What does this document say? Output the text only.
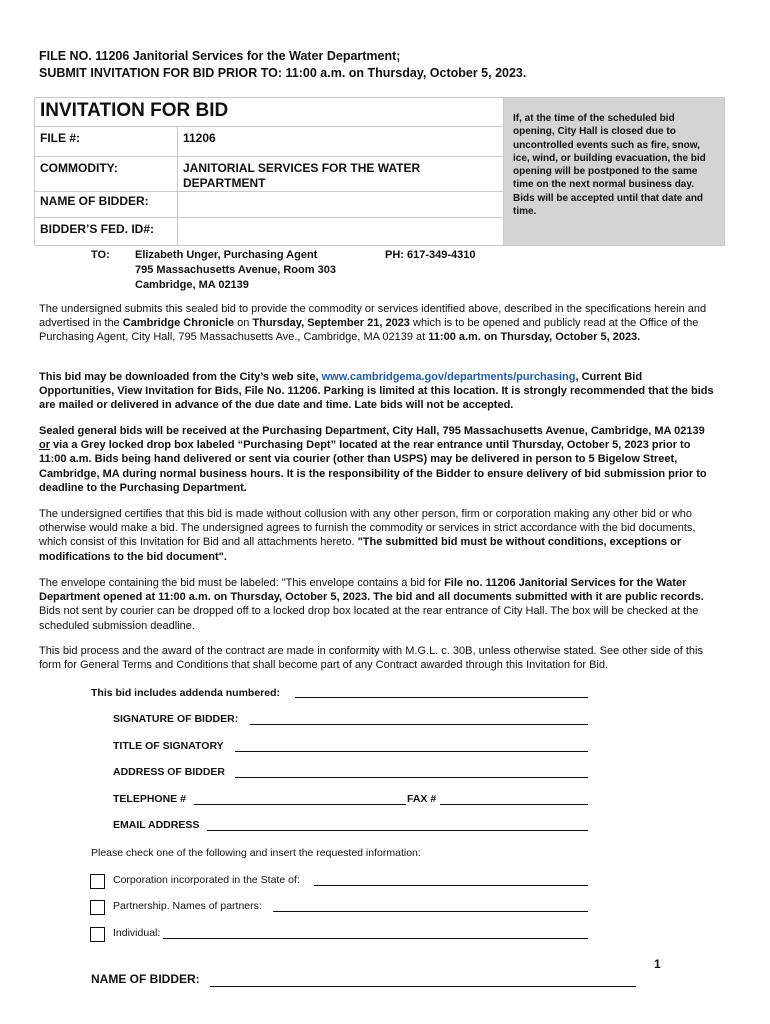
FILE NO. 11206 Janitorial Services for the Water Department;
SUBMIT INVITATION FOR BID PRIOR TO: 11:00 a.m. on Thursday, October 5, 2023.
INVITATION FOR BID		If, at the time of the scheduled bid opening, City Hall is closed due to uncontrolled events such as fire, snow, ice, wind, or building evacuation, the bid opening will be postponed to the same time on the next normal business day. Bids will be accepted until that date and time.
FILE #:	11206	
COMMODITY:	JANITORIAL SERVICES FOR THE WATER DEPARTMENT	
NAME OF BIDDER:		
BIDDER’S FED. ID#:		
TO: Elizabeth Unger, Purchasing Agent
795 Massachusetts Avenue, Room 303
Cambridge, MA 02139
PH: 617-349-4310
The undersigned submits this sealed bid to provide the commodity or services identified above, described in the specifications herein and advertised in the Cambridge Chronicle on Thursday, September 21, 2023 which is to be opened and publicly read at the Office of the Purchasing Agent, City Hall, 795 Massachusetts Ave., Cambridge, MA 02139 at 11:00 a.m. on Thursday, October 5, 2023.
This bid may be downloaded from the City’s web site, www.cambridgema.gov/departments/purchasing, Current Bid Opportunities, View Invitation for Bids, File No. 11206. Parking is limited at this location. It is strongly recommended that the bids are mailed or delivered in advance of the due date and time. Late bids will not be accepted.
Sealed general bids will be received at the Purchasing Department, City Hall, 795 Massachusetts Avenue, Cambridge, MA 02139 or via a Grey locked drop box labeled “Purchasing Dept” located at the rear entrance until Thursday, October 5, 2023 prior to 11:00 a.m. Bids being hand delivered or sent via courier (other than USPS) may be delivered in person to 5 Bigelow Street, Cambridge, MA during normal business hours. It is the responsibility of the Bidder to ensure delivery of bid submission prior to deadline to the Purchasing Department.
The undersigned certifies that this bid is made without collusion with any other person, firm or corporation making any other bid or who otherwise would make a bid. The undersigned agrees to furnish the commodity or services in strict accordance with the bid documents, which consist of this Invitation for Bid and all attachments hereto. "The submitted bid must be without conditions, exceptions or modifications to the bid document".
The envelope containing the bid must be labeled: "This envelope contains a bid for File no. 11206 Janitorial Services for the Water Department opened at 11:00 a.m. on Thursday, October 5, 2023. The bid and all documents submitted with it are public records. Bids not sent by courier can be dropped off to a locked drop box located at the rear entrance of City Hall. The box will be checked at the scheduled submission deadline.
This bid process and the award of the contract are made in conformity with M.G.L. c. 30B, unless otherwise stated. See other side of this form for General Terms and Conditions that shall become part of any Contract awarded through this Invitation for Bid.
This bid includes addenda numbered:
SIGNATURE OF BIDDER:
TITLE OF SIGNATORY
ADDRESS OF BIDDER
TELEPHONE #	FAX #
EMAIL ADDRESS
Please check one of the following and insert the requested information:
Corporation incorporated in the State of:
Partnership. Names of partners:
Individual:
1
NAME OF BIDDER:
